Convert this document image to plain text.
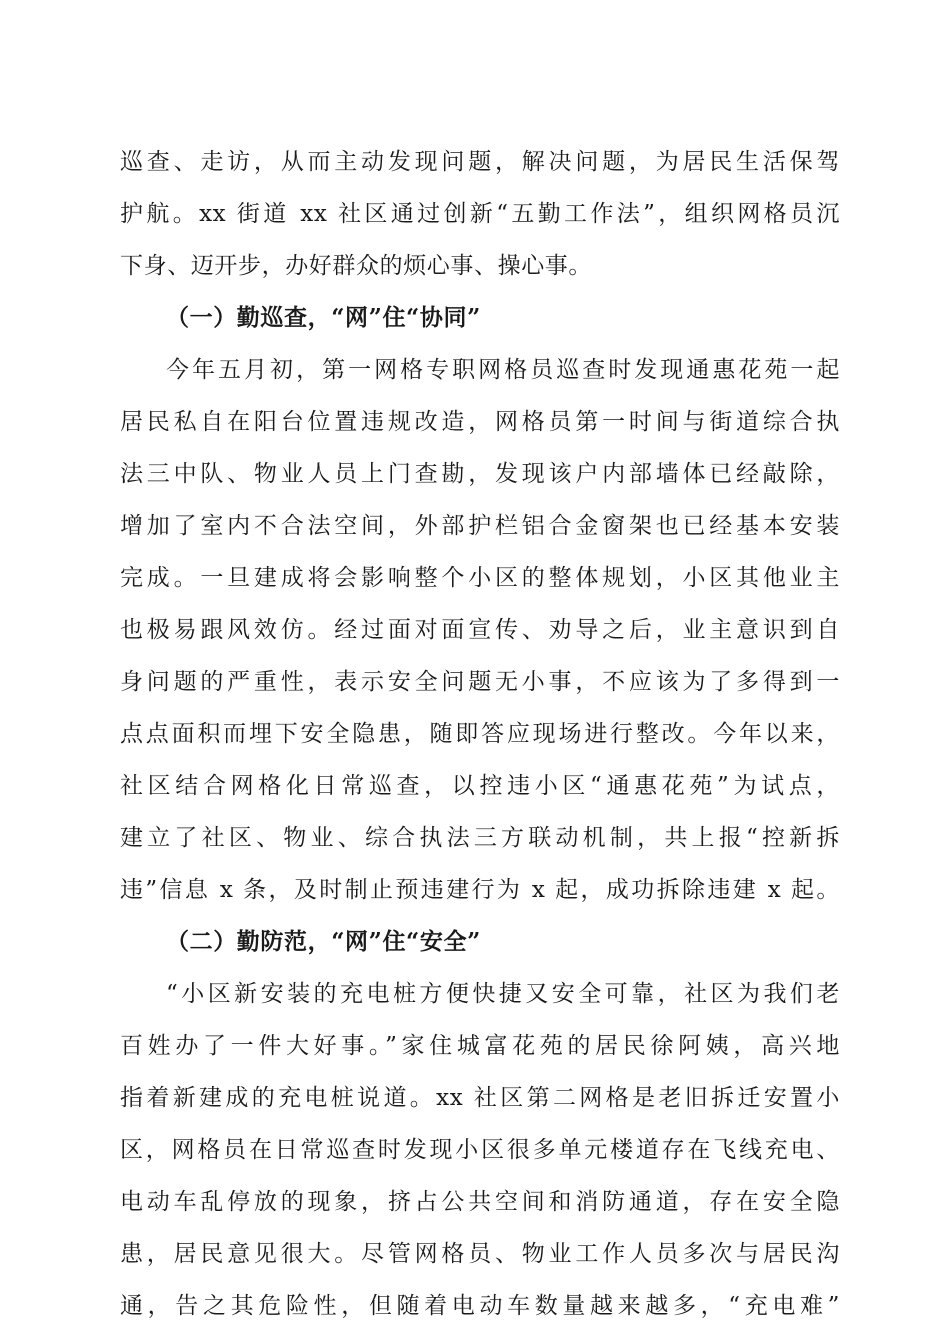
巡查、走访，从而主动发现问题，解决问题，为居民生活保驾
护航。xx 街道 xx 社区通过创新“五勤工作法”，组织网格员沉
下身、迈开步，办好群众的烦心事、操心事。
（一）勤巡查，“网”住“协同”
今年五月初，第一网格专职网格员巡查时发现通惠花苑一起
居民私自在阳台位置违规改造，网格员第一时间与街道综合执
法三中队、物业人员上门查勘，发现该户内部墙体已经敲除，
增加了室内不合法空间，外部护栏铝合金窗架也已经基本安装
完成。一旦建成将会影响整个小区的整体规划，小区其他业主
也极易跟风效仿。经过面对面宣传、劝导之后，业主意识到自
身问题的严重性，表示安全问题无小事，不应该为了多得到一
点点面积而埋下安全隐患，随即答应现场进行整改。今年以来，
社区结合网格化日常巡查，以控违小区“通惠花苑”为试点，
建立了社区、物业、综合执法三方联动机制，共上报“控新拆
违”信息 x 条，及时制止预违建行为 x 起，成功拆除违建 x 起。
（二）勤防范，“网”住“安全”
“小区新安装的充电桩方便快捷又安全可靠，社区为我们老
百姓办了一件大好事。”家住城富花苑的居民徐阿姨，高兴地
指着新建成的充电桩说道。xx 社区第二网格是老旧拆迁安置小
区，网格员在日常巡查时发现小区很多单元楼道存在飞线充电、
电动车乱停放的现象，挤占公共空间和消防通道，存在安全隐
患，居民意见很大。尽管网格员、物业工作人员多次与居民沟
通，告之其危险性，但随着电动车数量越来越多，“充电难”
